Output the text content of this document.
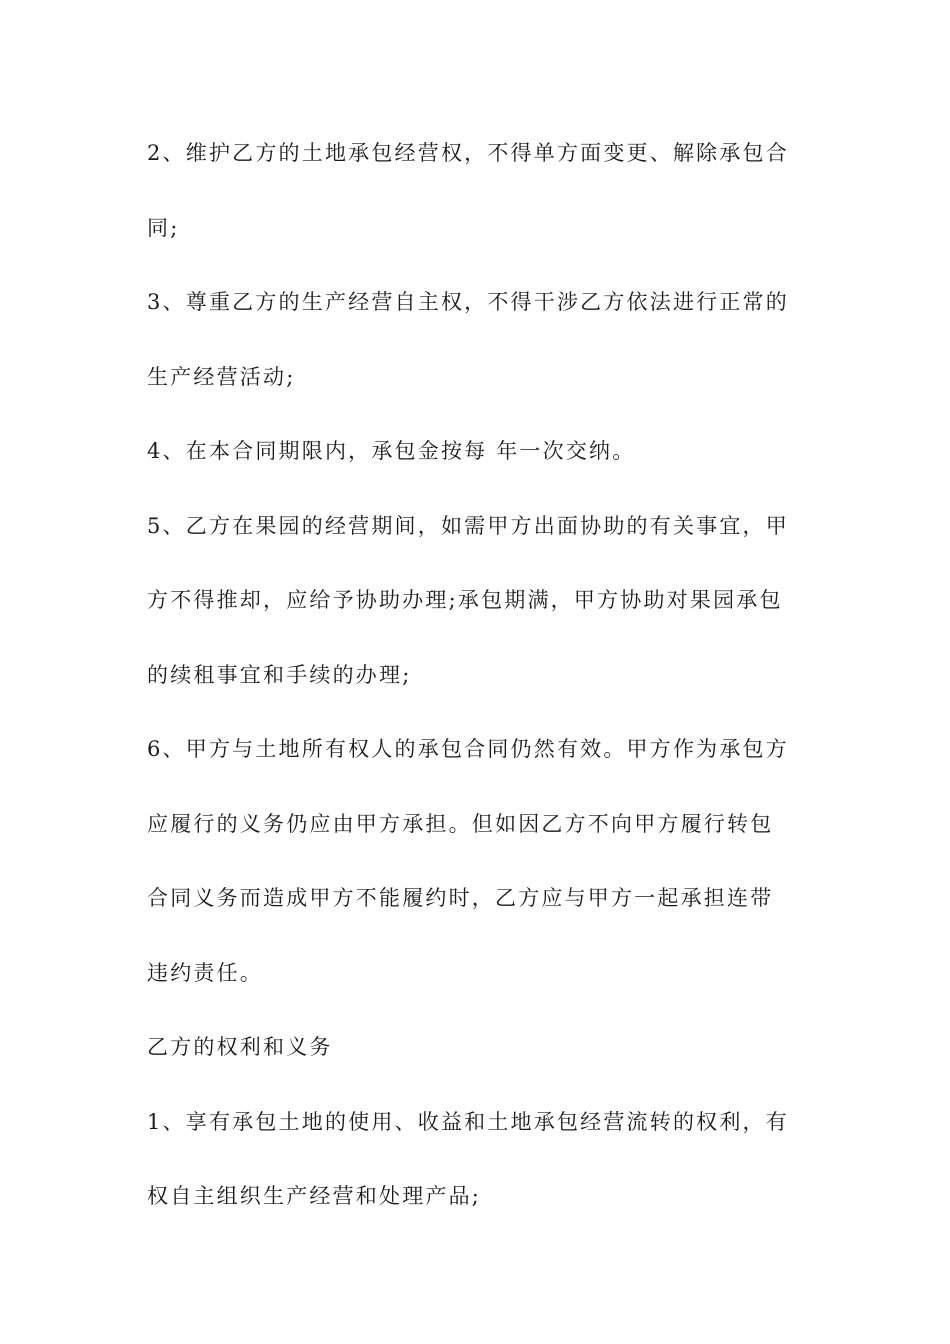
2、维护乙方的土地承包经营权，不得单方面变更、解除承包合
同;
3、尊重乙方的生产经营自主权，不得干涉乙方依法进行正常的
生产经营活动;
4、在本合同期限内，承包金按每 年一次交纳。
5、乙方在果园的经营期间，如需甲方出面协助的有关事宜，甲
方不得推却，应给予协助办理;承包期满，甲方协助对果园承包
的续租事宜和手续的办理;
6、甲方与土地所有权人的承包合同仍然有效。甲方作为承包方
应履行的义务仍应由甲方承担。但如因乙方不向甲方履行转包
合同义务而造成甲方不能履约时，乙方应与甲方一起承担连带
违约责任。
乙方的权利和义务
1、享有承包土地的使用、收益和土地承包经营流转的权利，有
权自主组织生产经营和处理产品;
